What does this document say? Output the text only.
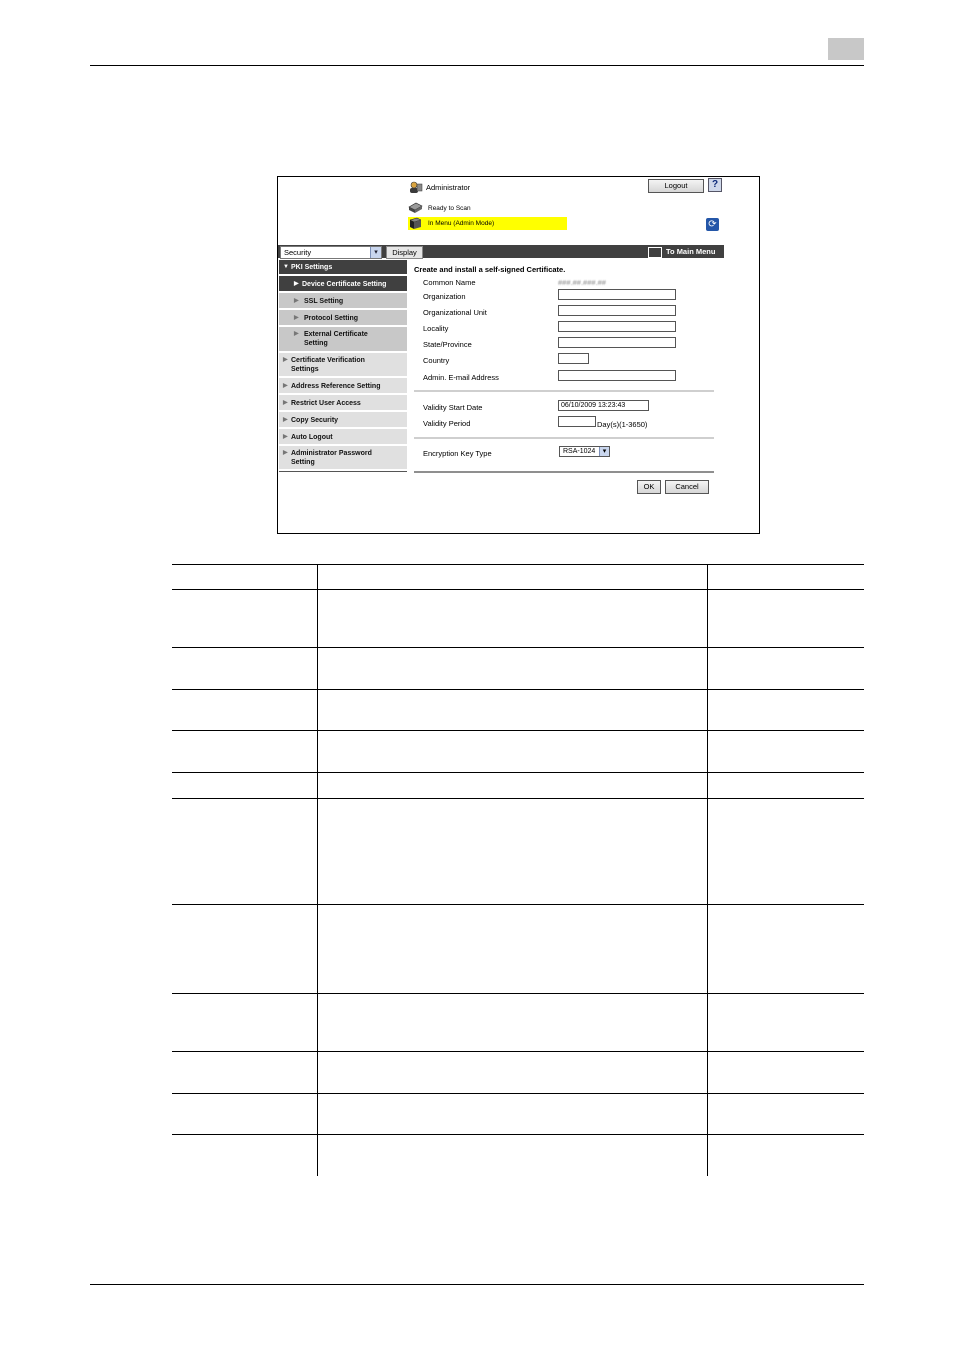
Administrator	Logout	?
Ready to Scan
In Menu (Admin Mode)	⟳
Security	▾	Display	To Main Menu
▼ PKI Settings
▶ Device Certificate Setting
▶ SSL Setting
▶ Protocol Setting
▶ External Certificate Setting
▶ Certificate Verification Settings
▶ Address Reference Setting
▶ Restrict User Access
▶ Copy Security
▶ Auto Logout
▶ Administrator Password Setting
Create and install a self-signed Certificate.
Common Name	###.##.###.##
Organization
Organizational Unit
Locality
State/Province
Country
Admin. E-mail Address
Validity Start Date	06/10/2009 13:23:43
Validity Period	Day(s)(1-3650)
Encryption Key Type	RSA-1024	▾
OK	Cancel
